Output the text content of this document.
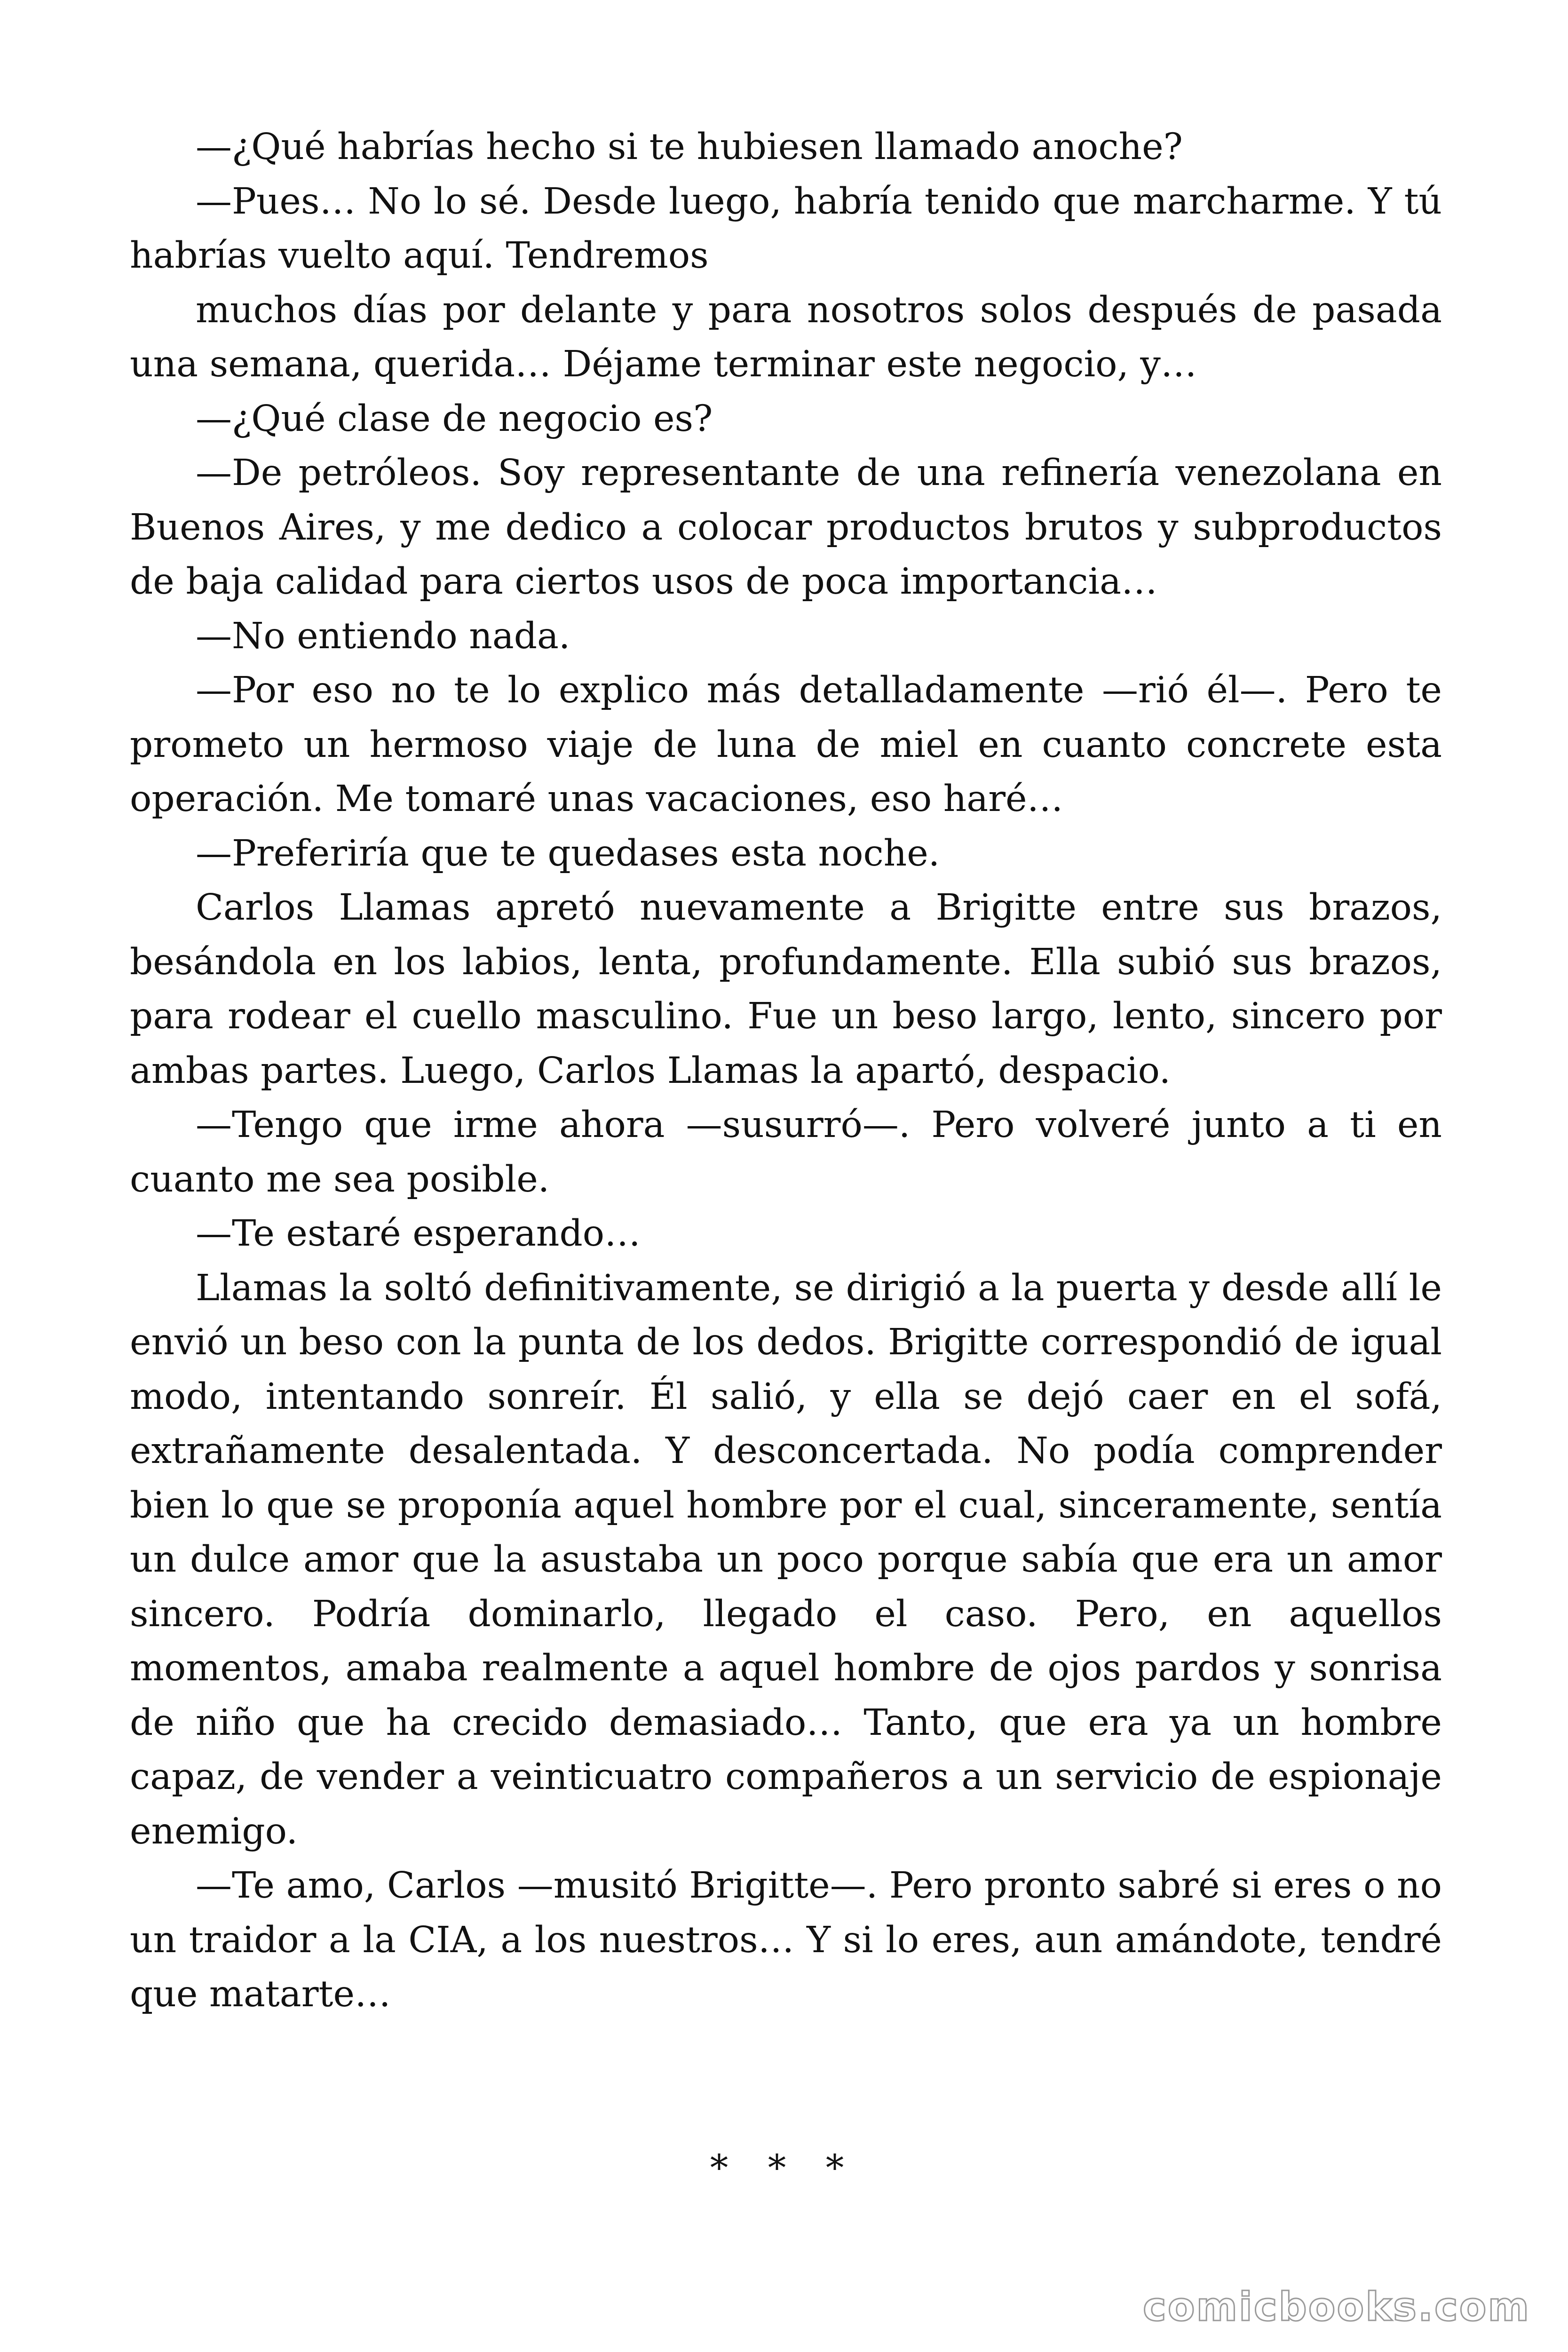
—¿Qué habrías hecho si te hubiesen llamado anoche?

—Pues… No lo sé. Desde luego, habría tenido que marcharme. Y tú habrías vuelto aquí. Tendremos

muchos días por delante y para nosotros solos después de pasada una semana, querida… Déjame terminar este negocio, y…

—¿Qué clase de negocio es?

—De petróleos. Soy representante de una refinería venezolana en Buenos Aires, y me dedico a colocar productos brutos y subproductos de baja calidad para ciertos usos de poca importancia…

—No entiendo nada.

—Por eso no te lo explico más detalladamente —rió él—. Pero te prometo un hermoso viaje de luna de miel en cuanto concrete esta operación. Me tomaré unas vacaciones, eso haré…

—Preferiría que te quedases esta noche.

Carlos Llamas apretó nuevamente a Brigitte entre sus brazos, besándola en los labios, lenta, profundamente. Ella subió sus brazos, para rodear el cuello masculino. Fue un beso largo, lento, sincero por ambas partes. Luego, Carlos Llamas la apartó, despacio.

—Tengo que irme ahora —susurró—. Pero volveré junto a ti en cuanto me sea posible.

—Te estaré esperando…

Llamas la soltó definitivamente, se dirigió a la puerta y desde allí le envió un beso con la punta de los dedos. Brigitte correspondió de igual modo, intentando sonreír. Él salió, y ella se dejó caer en el sofá, extrañamente desalentada. Y desconcertada. No podía comprender bien lo que se proponía aquel hombre por el cual, sinceramente, sentía un dulce amor que la asustaba un poco porque sabía que era un amor sincero. Podría dominarlo, llegado el caso. Pero, en aquellos momentos, amaba realmente a aquel hombre de ojos pardos y sonrisa de niño que ha crecido demasiado… Tanto, que era ya un hombre capaz, de vender a veinticuatro compañeros a un servicio de espionaje enemigo.

—Te amo, Carlos —musitó Brigitte—. Pero pronto sabré si eres o no un traidor a la CIA, a los nuestros… Y si lo eres, aun amándote, tendré que matarte…

* * *
comicbooks.com
